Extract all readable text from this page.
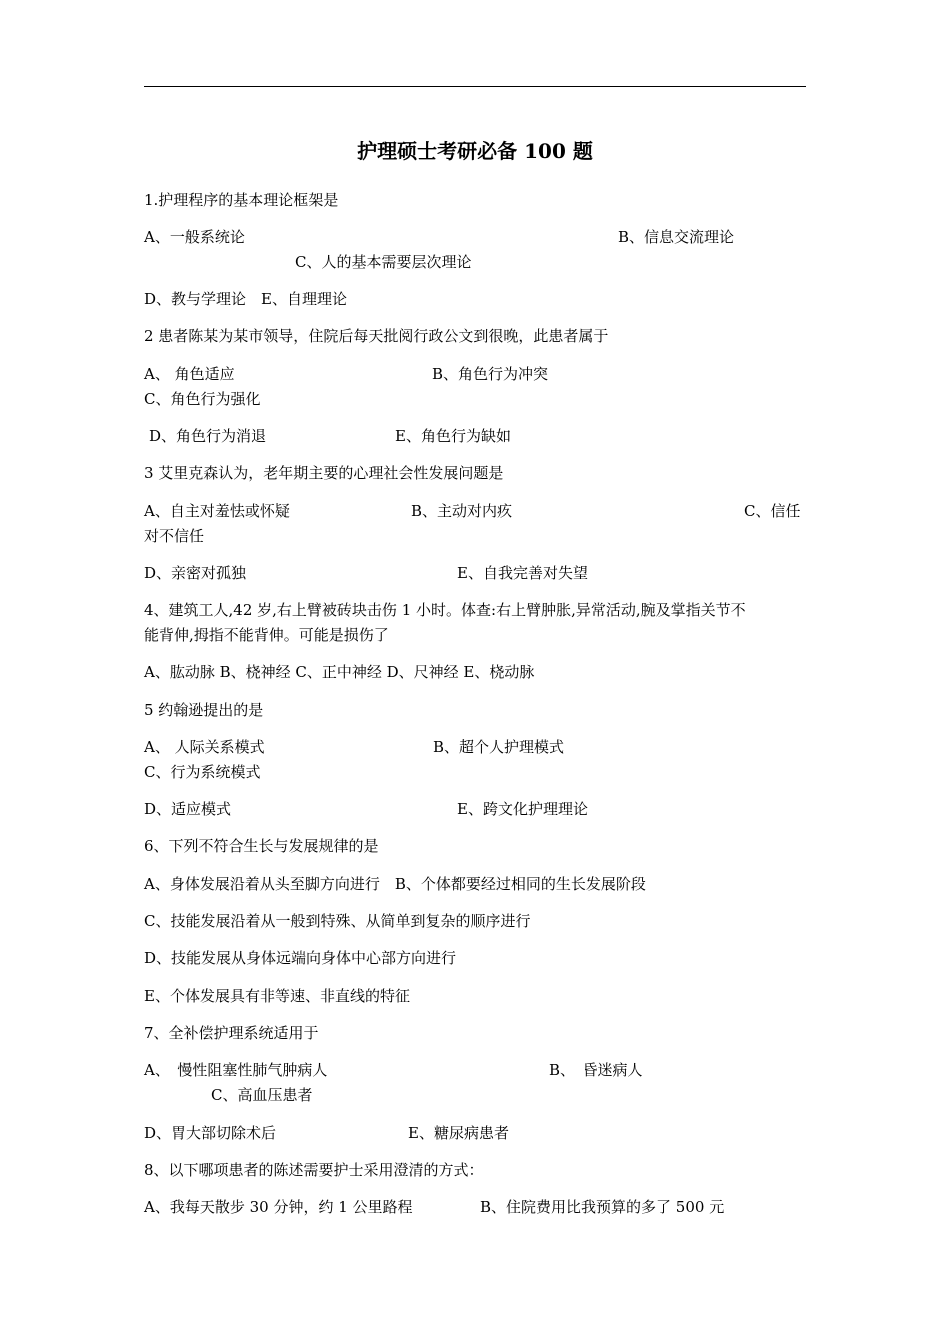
护理硕士考研必备 100 题
1.护理程序的基本理论框架是
A、一般系统论	B、信息交流理论
C、人的基本需要层次理论
D、教与学理论　E、自理理论
2 患者陈某为某市领导，住院后每天批阅行政公文到很晚，此患者属于
A、 角色适应	B、角色行为冲突
C、角色行为强化
D、角色行为消退	E、角色行为缺如
3 艾里克森认为，老年期主要的心理社会性发展问题是
A、自主对羞怯或怀疑	B、主动对内疚	C、信任
对不信任
D、亲密对孤独	E、自我完善对失望
4、建筑工人,42 岁,右上臂被砖块击伤 1 小时。体查:右上臂肿胀,异常活动,腕及掌指关节不
能背伸,拇指不能背伸。可能是损伤了
A、肱动脉 B、桡神经 C、正中神经 D、尺神经 E、桡动脉
5 约翰逊提出的是
A、 人际关系模式	B、超个人护理模式
C、行为系统模式
D、适应模式	E、跨文化护理理论
6、下列不符合生长与发展规律的是
A、身体发展沿着从头至脚方向进行　B、个体都要经过相同的生长发展阶段
C、技能发展沿着从一般到特殊、从简单到复杂的顺序进行
D、技能发展从身体远端向身体中心部方向进行
E、个体发展具有非等速、非直线的特征
7、全补偿护理系统适用于
A、　慢性阻塞性肺气肿病人	B、　昏迷病人
C、高血压患者
D、胃大部切除术后	E、糖尿病患者
8、以下哪项患者的陈述需要护士采用澄清的方式：
A、我每天散步 30 分钟，约 1 公里路程	B、住院费用比我预算的多了 500 元
